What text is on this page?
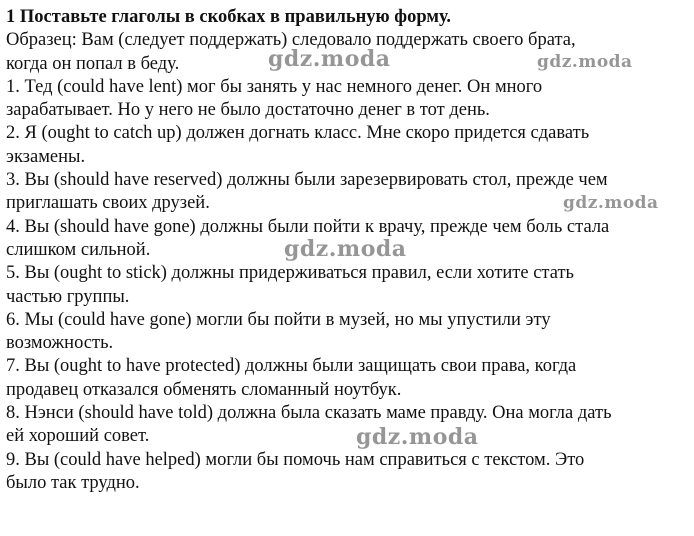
1 Поставьте глаголы в скобках в правильную форму.
Образец: Вам (следует поддержать) следовало поддержать своего брата,
когда он попал в беду.
1. Тед (could have lent) мог бы занять у нас немного денег. Он много
зарабатывает. Но у него не было достаточно денег в тот день.
2. Я (ought to catch up) должен догнать класс. Мне скоро придется сдавать
экзамены.
3. Вы (should have reserved) должны были зарезервировать стол, прежде чем
приглашать своих друзей.
4. Вы (should have gone) должны были пойти к врачу, прежде чем боль стала
слишком сильной.
5. Вы (ought to stick) должны придерживаться правил, если хотите стать
частью группы.
6. Мы (could have gone) могли бы пойти в музей, но мы упустили эту
возможность.
7. Вы (ought to have protected) должны были защищать свои права, когда
продавец отказался обменять сломанный ноутбук.
8. Нэнси (should have told) должна была сказать маме правду. Она могла дать
ей хороший совет.
9. Вы (could have helped) могли бы помочь нам справиться с текстом. Это
было так трудно.
gdz.moda	gdz.moda
gdz.moda
gdz.moda
gdz.moda
